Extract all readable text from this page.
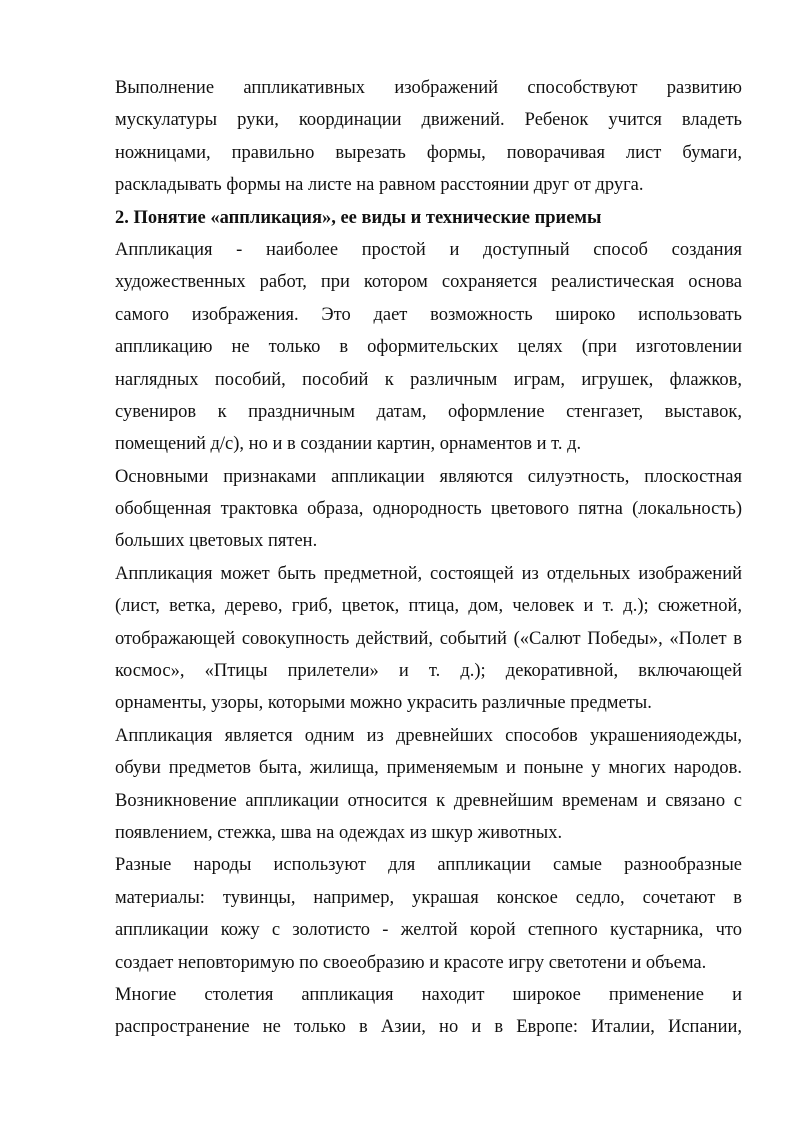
Выполнение аппликативных изображений способствуют развитию
мускулатуры руки, координации движений. Ребенок учится владеть
ножницами, правильно вырезать формы, поворачивая лист бумаги,
раскладывать формы на листе на равном расстоянии друг от друга.
2. Понятие «аппликация», ее виды и технические приемы
Аппликация - наиболее простой и доступный способ создания
художественных работ, при котором сохраняется реалистическая основа
самого изображения. Это дает возможность широко использовать
аппликацию не только в оформительских целях (при изготовлении
наглядных пособий, пособий к различным играм, игрушек, флажков,
сувениров к праздничным датам, оформление стенгазет, выставок,
помещений д/с), но и в создании картин, орнаментов и т. д.
Основными признаками аппликации являются силуэтность, плоскостная
обобщенная трактовка образа, однородность цветового пятна (локальность)
больших цветовых пятен.
Аппликация может быть предметной, состоящей из отдельных изображений
(лист, ветка, дерево, гриб, цветок, птица, дом, человек и т. д.); сюжетной,
отображающей совокупность действий, событий («Салют Победы», «Полет в
космос», «Птицы прилетели» и т. д.); декоративной, включающей
орнаменты, узоры, которыми можно украсить различные предметы.
Аппликация является одним из древнейших способов украшенияодежды,
обуви предметов быта, жилища, применяемым и поныне у многих народов.
Возникновение аппликации относится к древнейшим временам и связано с
появлением, стежка, шва на одеждах из шкур животных.
Разные народы используют для аппликации самые разнообразные
материалы: тувинцы, например, украшая конское седло, сочетают в
аппликации кожу с золотисто - желтой корой степного кустарника, что
создает неповторимую по своеобразию и красоте игру светотени и объема.
Многие столетия аппликация находит широкое применение и
распространение не только в Азии, но и в Европе: Италии, Испании,
